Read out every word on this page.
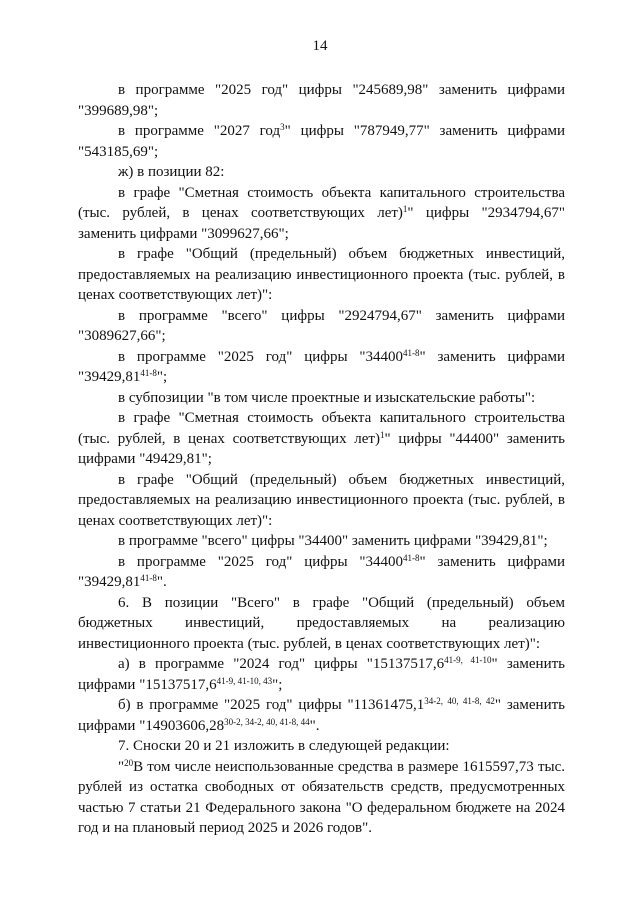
14

в программе "2025 год" цифры "245689,98" заменить цифрами "399689,98";

в программе "2027 год$^3$" цифры "787949,77" заменить цифрами "543185,69";

ж) в позиции 82:

в графе "Сметная стоимость объекта капитального строительства (тыс. рублей, в ценах соответствующих лет)$^1$" цифры "2934794,67" заменить цифрами "3099627,66";

в графе "Общий (предельный) объем бюджетных инвестиций, предоставляемых на реализацию инвестиционного проекта (тыс. рублей, в ценах соответствующих лет)":

в программе "всего" цифры "2924794,67" заменить цифрами "3089627,66";

в программе "2025 год" цифры "34400$^{41-8}$" заменить цифрами "39429,81$^{41-8}$";

в субпозиции "в том числе проектные и изыскательские работы":

в графе "Сметная стоимость объекта капитального строительства (тыс. рублей, в ценах соответствующих лет)$^1$" цифры "44400" заменить цифрами "49429,81";

в графе "Общий (предельный) объем бюджетных инвестиций, предоставляемых на реализацию инвестиционного проекта (тыс. рублей, в ценах соответствующих лет)":

в программе "всего" цифры "34400" заменить цифрами "39429,81";

в программе "2025 год" цифры "34400$^{41-8}$" заменить цифрами "39429,81$^{41-8}$".

6. В позиции "Всего" в графе "Общий (предельный) объем бюджетных инвестиций, предоставляемых на реализацию инвестиционного проекта (тыс. рублей, в ценах соответствующих лет)":

а) в программе "2024 год" цифры "15137517,6$^{41-9, 41-10}$" заменить цифрами "15137517,6$^{41-9, 41-10, 43}$";

б) в программе "2025 год" цифры "11361475,1$^{34-2, 40, 41-8, 42}$" заменить цифрами "14903606,28$^{30-2, 34-2, 40, 41-8, 44}$".

7. Сноски 20 и 21 изложить в следующей редакции:

"$^{20}$В том числе неиспользованные средства в размере 1615597,73 тыс. рублей из остатка свободных от обязательств средств, предусмотренных частью 7 статьи 21 Федерального закона "О федеральном бюджете на 2024 год и на плановый период 2025 и 2026 годов".
